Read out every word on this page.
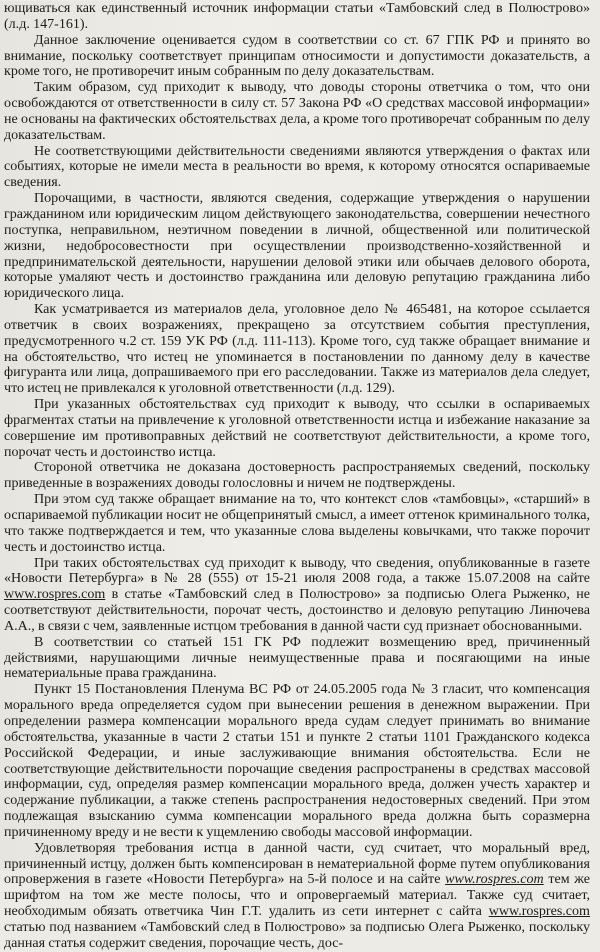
ющиваться как единственный источник информации статьи «Тамбовский след в Полюстрово» (л.д. 147-161).

Данное заключение оценивается судом в соответствии со ст. 67 ГПК РФ и принято во внимание, поскольку соответствует принципам относимости и допустимости доказательств, а кроме того, не противоречит иным собранным по делу доказательствам.

Таким образом, суд приходит к выводу, что доводы стороны ответчика о том, что они освобождаются от ответственности в силу ст. 57 Закона РФ «О средствах массовой информации» не основаны на фактических обстоятельствах дела, а кроме того противоречат собранным по делу доказательствам.

Не соответствующими действительности сведениями являются утверждения о фактах или событиях, которые не имели места в реальности во время, к которому относятся оспариваемые сведения.

Порочащими, в частности, являются сведения, содержащие утверждения о нарушении гражданином или юридическим лицом действующего законодательства, совершении нечестного поступка, неправильном, неэтичном поведении в личной, общественной или политической жизни, недобросовестности при осуществлении производственно-хозяйственной и предпринимательской деятельности, нарушении деловой этики или обычаев делового оборота, которые умаляют честь и достоинство гражданина или деловую репутацию гражданина либо юридического лица.

Как усматривается из материалов дела, уголовное дело № 465481, на которое ссылается ответчик в своих возражениях, прекращено за отсутствием события преступления, предусмотренного ч.2 ст. 159 УК РФ (л.д. 111-113). Кроме того, суд также обращает внимание и на обстоятельство, что истец не упоминается в постановлении по данному делу в качестве фигуранта или лица, допрашиваемого при его расследовании. Также из материалов дела следует, что истец не привлекался к уголовной ответственности (л.д. 129).

При указанных обстоятельствах суд приходит к выводу, что ссылки в оспариваемых фрагментах статьи на привлечение к уголовной ответственности истца и избежание наказание за совершение им противоправных действий не соответствуют действительности, а кроме того, порочат честь и достоинство истца.

Стороной ответчика не доказана достоверность распространяемых сведений, поскольку приведенные в возражениях доводы голословны и ничем не подтверждены.

При этом суд также обращает внимание на то, что контекст слов «тамбовцы», «старший» в оспариваемой публикации носит не общепринятый смысл, а имеет оттенок криминального толка, что также подтверждается и тем, что указанные слова выделены ковычками, что также порочит честь и достоинство истца.

При таких обстоятельствах суд приходит к выводу, что сведения, опубликованные в газете «Новости Петербурга» в № 28 (555) от 15-21 июля 2008 года, а также 15.07.2008 на сайте www.rospres.com в статье «Тамбовский след в Полюстрово» за подписью Олега Рыженко, не соответствуют действительности, порочат честь, достоинство и деловую репутацию Линючева А.А., в связи с чем, заявленные истцом требования в данной части суд признает обоснованными.

В соответствии со статьей 151 ГК РФ подлежит возмещению вред, причиненный действиями, нарушающими личные неимущественные права и посягающими на иные нематериальные права гражданина.

Пункт 15 Постановления Пленума ВС РФ от 24.05.2005 года № 3 гласит, что компенсация морального вреда определяется судом при вынесении решения в денежном выражении. При определении размера компенсации морального вреда судам следует принимать во внимание обстоятельства, указанные в части 2 статьи 151 и пункте 2 статьи 1101 Гражданского кодекса Российской Федерации, и иные заслуживающие внимания обстоятельства. Если не соответствующие действительности порочащие сведения распространены в средствах массовой информации, суд, определяя размер компенсации морального вреда, должен учесть характер и содержание публикации, а также степень распространения недостоверных сведений. При этом подлежащая взысканию сумма компенсации морального вреда должна быть соразмерна причиненному вреду и не вести к ущемлению свободы массовой информации.

Удовлетворяя требования истца в данной части, суд считает, что моральный вред, причиненный истцу, должен быть компенсирован в нематериальной форме путем опубликования опровержения в газете «Новости Петербурга» на 5-й полосе и на сайте www.rospres.com тем же шрифтом на том же месте полосы, что и опровергаемый материал. Также суд считает, необходимым обязать ответчика Чин Г.Т. удалить из сети интернет с сайта www.rospres.com статью под названием «Тамбовский след в Полюстрово» за подписью Олега Рыженко, поскольку данная статья содержит сведения, порочащие честь, дос-
